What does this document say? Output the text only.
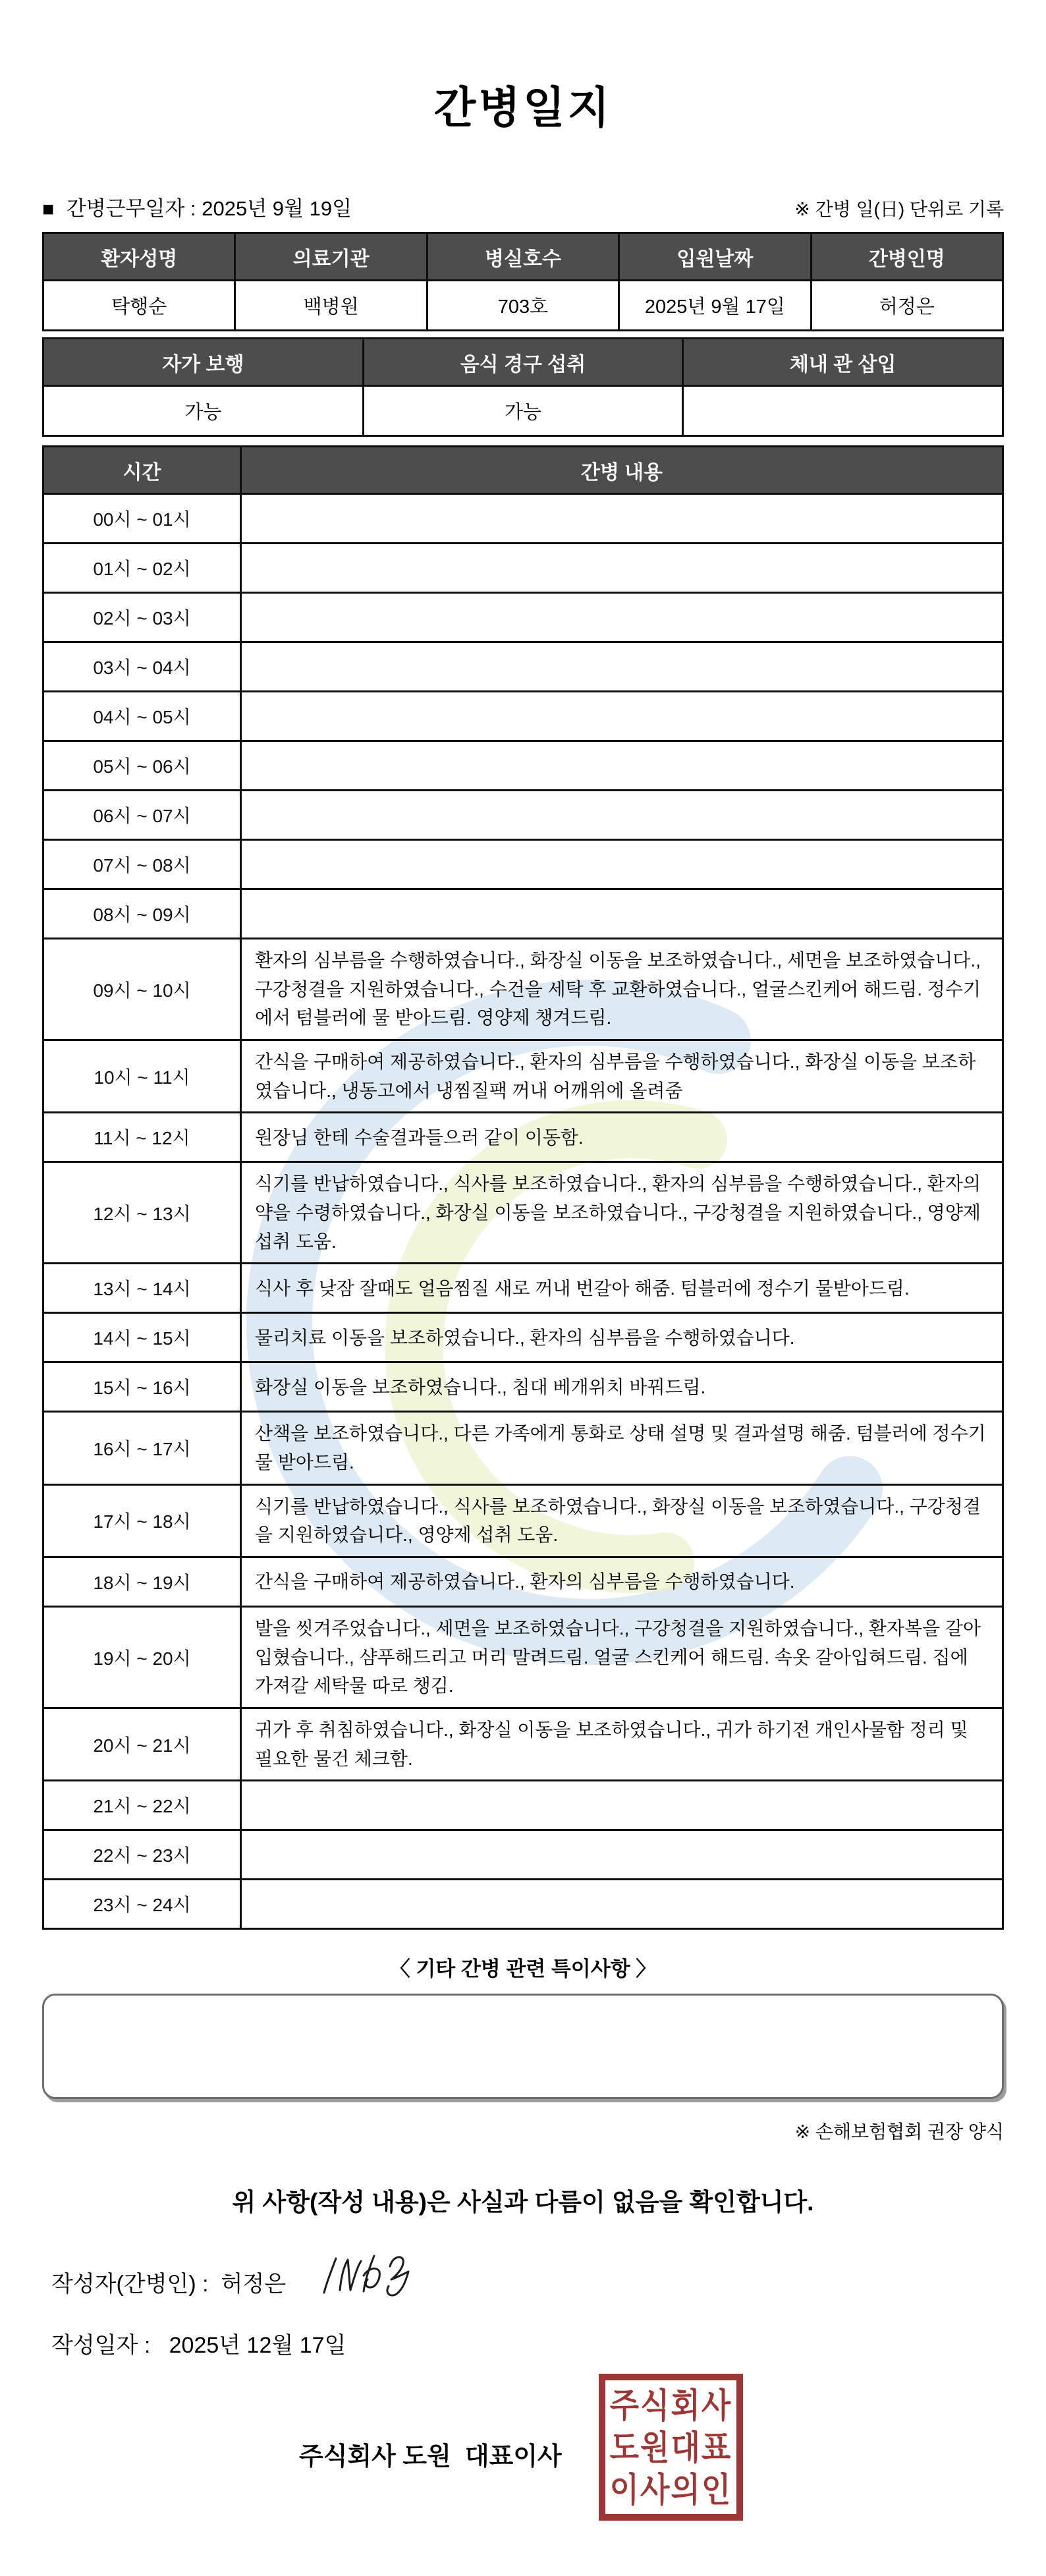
간병일지
■ 간병근무일자 : 2025년 9월 19일	※ 간병 일(日) 단위로 기록
환자성명	의료기관	병실호수	입원날짜	간병인명
탁행순	백병원	703호	2025년 9월 17일	허정은
자가 보행	음식 경구 섭취	체내 관 삽입
가능	가능	
시간	간병 내용
00시 ~ 01시	
01시 ~ 02시	
02시 ~ 03시	
03시 ~ 04시	
04시 ~ 05시	
05시 ~ 06시	
06시 ~ 07시	
07시 ~ 08시	
08시 ~ 09시	
09시 ~ 10시	환자의 심부름을 수행하였습니다., 화장실 이동을 보조하였습니다., 세면을 보조하였습니다., 구강청결을 지원하였습니다., 수건을 세탁 후 교환하였습니다., 얼굴스킨케어 해드림. 정수기에서 텀블러에 물 받아드림. 영양제 챙겨드림.
10시 ~ 11시	간식을 구매하여 제공하였습니다., 환자의 심부름을 수행하였습니다., 화장실 이동을 보조하였습니다., 냉동고에서 냉찜질팩 꺼내 어깨위에 올려줌
11시 ~ 12시	원장님 한테 수술결과들으러 같이 이동함.
12시 ~ 13시	식기를 반납하였습니다., 식사를 보조하였습니다., 환자의 심부름을 수행하였습니다., 환자의 약을 수령하였습니다., 화장실 이동을 보조하였습니다., 구강청결을 지원하였습니다., 영양제 섭취 도움.
13시 ~ 14시	식사 후 낮잠 잘때도 얼음찜질 새로 꺼내 번갈아 해줌. 텀블러에 정수기 물받아드림.
14시 ~ 15시	물리치료 이동을 보조하였습니다., 환자의 심부름을 수행하였습니다.
15시 ~ 16시	화장실 이동을 보조하였습니다., 침대 베개위치 바꿔드림.
16시 ~ 17시	산책을 보조하였습니다., 다른 가족에게 통화로 상태 설명 및 결과설명 해줌. 텀블러에 정수기물 받아드림.
17시 ~ 18시	식기를 반납하였습니다., 식사를 보조하였습니다., 화장실 이동을 보조하였습니다., 구강청결을 지원하였습니다., 영양제 섭취 도움.
18시 ~ 19시	간식을 구매하여 제공하였습니다., 환자의 심부름을 수행하였습니다.
19시 ~ 20시	발을 씻겨주었습니다., 세면을 보조하였습니다., 구강청결을 지원하였습니다., 환자복을 갈아입혔습니다., 샴푸해드리고 머리 말려드림. 얼굴 스킨케어 해드림. 속옷 갈아입혀드림. 집에 가져갈 세탁물 따로 챙김.
20시 ~ 21시	귀가 후 취침하였습니다., 화장실 이동을 보조하였습니다., 귀가 하기전 개인사물함 정리 및 필요한 물건 체크함.
21시 ~ 22시	
22시 ~ 23시	
23시 ~ 24시	
〈 기타 간병 관련 특이사항 〉
※ 손해보험협회 권장 양식
위 사항(작성 내용)은 사실과 다름이 없음을 확인합니다.
작성자(간병인) :
허정은
작성일자 : 2025년 12월 17일
주식회사 도원  대표이사
주식회사
도원대표
이사의인
